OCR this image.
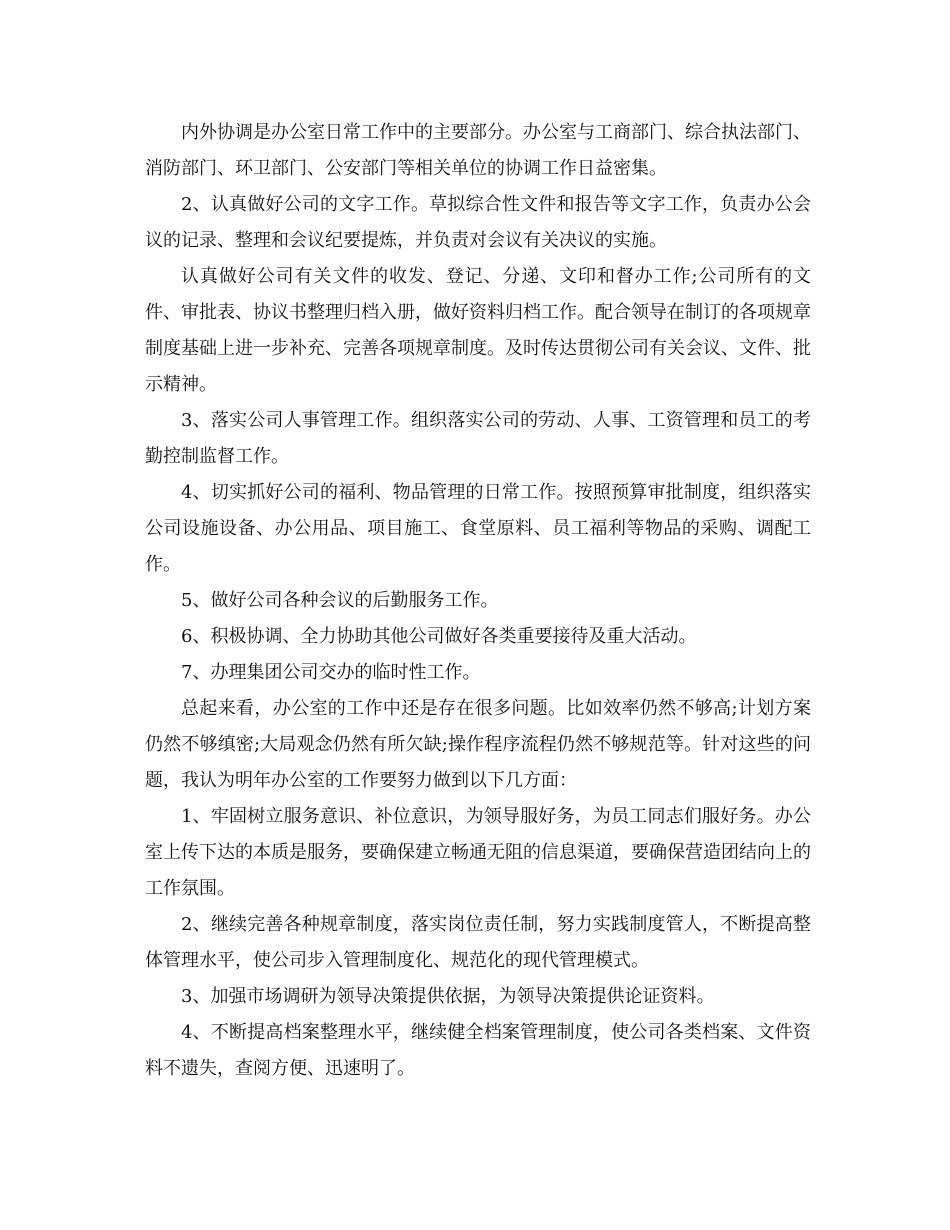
内外协调是办公室日常工作中的主要部分。办公室与工商部门、综合执法部门、消防部门、环卫部门、公安部门等相关单位的协调工作日益密集。

2、认真做好公司的文字工作。草拟综合性文件和报告等文字工作，负责办公会议的记录、整理和会议纪要提炼，并负责对会议有关决议的实施。

认真做好公司有关文件的收发、登记、分递、文印和督办工作;公司所有的文件、审批表、协议书整理归档入册，做好资料归档工作。配合领导在制订的各项规章制度基础上进一步补充、完善各项规章制度。及时传达贯彻公司有关会议、文件、批示精神。

3、落实公司人事管理工作。组织落实公司的劳动、人事、工资管理和员工的考勤控制监督工作。

4、切实抓好公司的福利、物品管理的日常工作。按照预算审批制度，组织落实公司设施设备、办公用品、项目施工、食堂原料、员工福利等物品的采购、调配工作。

5、做好公司各种会议的后勤服务工作。

6、积极协调、全力协助其他公司做好各类重要接待及重大活动。

7、办理集团公司交办的临时性工作。

总起来看，办公室的工作中还是存在很多问题。比如效率仍然不够高;计划方案仍然不够缜密;大局观念仍然有所欠缺;操作程序流程仍然不够规范等。针对这些的问题，我认为明年办公室的工作要努力做到以下几方面：

1、牢固树立服务意识、补位意识，为领导服好务，为员工同志们服好务。办公室上传下达的本质是服务，要确保建立畅通无阻的信息渠道，要确保营造团结向上的工作氛围。

2、继续完善各种规章制度，落实岗位责任制，努力实践制度管人，不断提高整体管理水平，使公司步入管理制度化、规范化的现代管理模式。

3、加强市场调研为领导决策提供依据，为领导决策提供论证资料。

4、不断提高档案整理水平，继续健全档案管理制度，使公司各类档案、文件资料不遗失，查阅方便、迅速明了。
